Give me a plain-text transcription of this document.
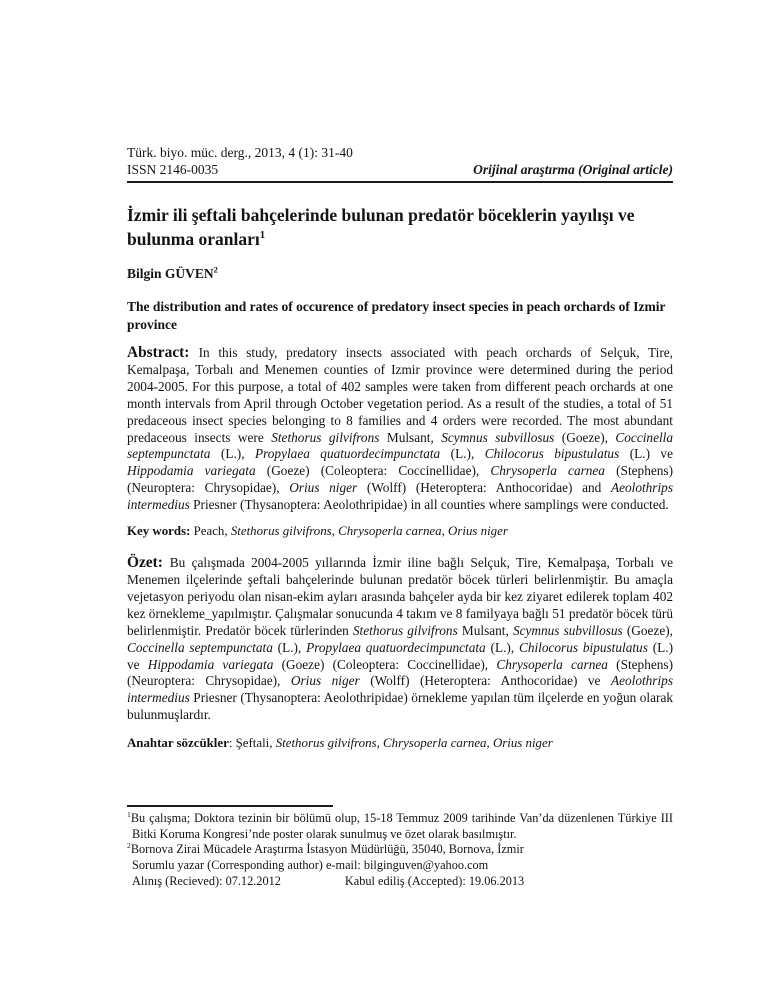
Türk. biyo. müc. derg., 2013, 4 (1): 31-40
ISSN 2146-0035	Orijinal araştırma (Original article)
İzmir ili şeftali bahçelerinde bulunan predatör böceklerin yayılışı ve bulunma oranları$^1$

Bilgin GÜVEN$^2$

The distribution and rates of occurence of predatory insect species in peach orchards of Izmir province

Abstract: In this study, predatory insects associated with peach orchards of Selçuk, Tire, Kemalpaşa, Torbalı and Menemen counties of Izmir province were determined during the period 2004-2005. For this purpose, a total of 402 samples were taken from different peach orchards at one month intervals from April through October vegetation period. As a result of the studies, a total of 51 predaceous insect species belonging to 8 families and 4 orders were recorded. The most abundant predaceous insects were Stethorus gilvifrons Mulsant, Scymnus subvillosus (Goeze), Coccinella septempunctata (L.), Propylaea quatuordecimpunctata (L.), Chilocorus bipustulatus (L.) ve Hippodamia variegata (Goeze) (Coleoptera: Coccinellidae), Chrysoperla carnea (Stephens) (Neuroptera: Chrysopidae), Orius niger (Wolff) (Heteroptera: Anthocoridae) and Aeolothrips intermedius Priesner (Thysanoptera: Aeolothripidae) in all counties where samplings were conducted.

Key words: Peach, Stethorus gilvifrons, Chrysoperla carnea, Orius niger

Özet: Bu çalışmada 2004-2005 yıllarında İzmir iline bağlı Selçuk, Tire, Kemalpaşa, Torbalı ve Menemen ilçelerinde şeftali bahçelerinde bulunan predatör böcek türleri belirlenmiştir. Bu amaçla vejetasyon periyodu olan nisan-ekim ayları arasında bahçeler ayda bir kez ziyaret edilerek toplam 402 kez örnekleme_yapılmıştır. Çalışmalar sonucunda 4 takım ve 8 familyaya bağlı 51 predatör böcek türü belirlenmiştir. Predatör böcek türlerinden Stethorus gilvifrons Mulsant, Scymnus subvillosus (Goeze), Coccinella septempunctata (L.), Propylaea quatuordecimpunctata (L.), Chilocorus bipustulatus (L.) ve Hippodamia variegata (Goeze) (Coleoptera: Coccinellidae), Chrysoperla carnea (Stephens) (Neuroptera: Chrysopidae), Orius niger (Wolff) (Heteroptera: Anthocoridae) ve Aeolothrips intermedius Priesner (Thysanoptera: Aeolothripidae) örnekleme yapılan tüm ilçelerde en yoğun olarak bulunmuşlardır.

Anahtar sözcükler: Şeftali, Stethorus gilvifrons, Chrysoperla carnea, Orius niger

$^1$Bu çalışma; Doktora tezinin bir bölümü olup, 15-18 Temmuz 2009 tarihinde Van’da düzenlenen Türkiye III Bitki Koruma Kongresi’nde poster olarak sunulmuş ve özet olarak basılmıştır.

$^2$Bornova Zirai Mücadele Araştırma İstasyon Müdürlüğü, 35040, Bornova, İzmir

Sorumlu yazar (Corresponding author) e-mail: bilginguven@yahoo.com

Alınış (Recieved): 07.12.2012	Kabul ediliş (Accepted): 19.06.2013
